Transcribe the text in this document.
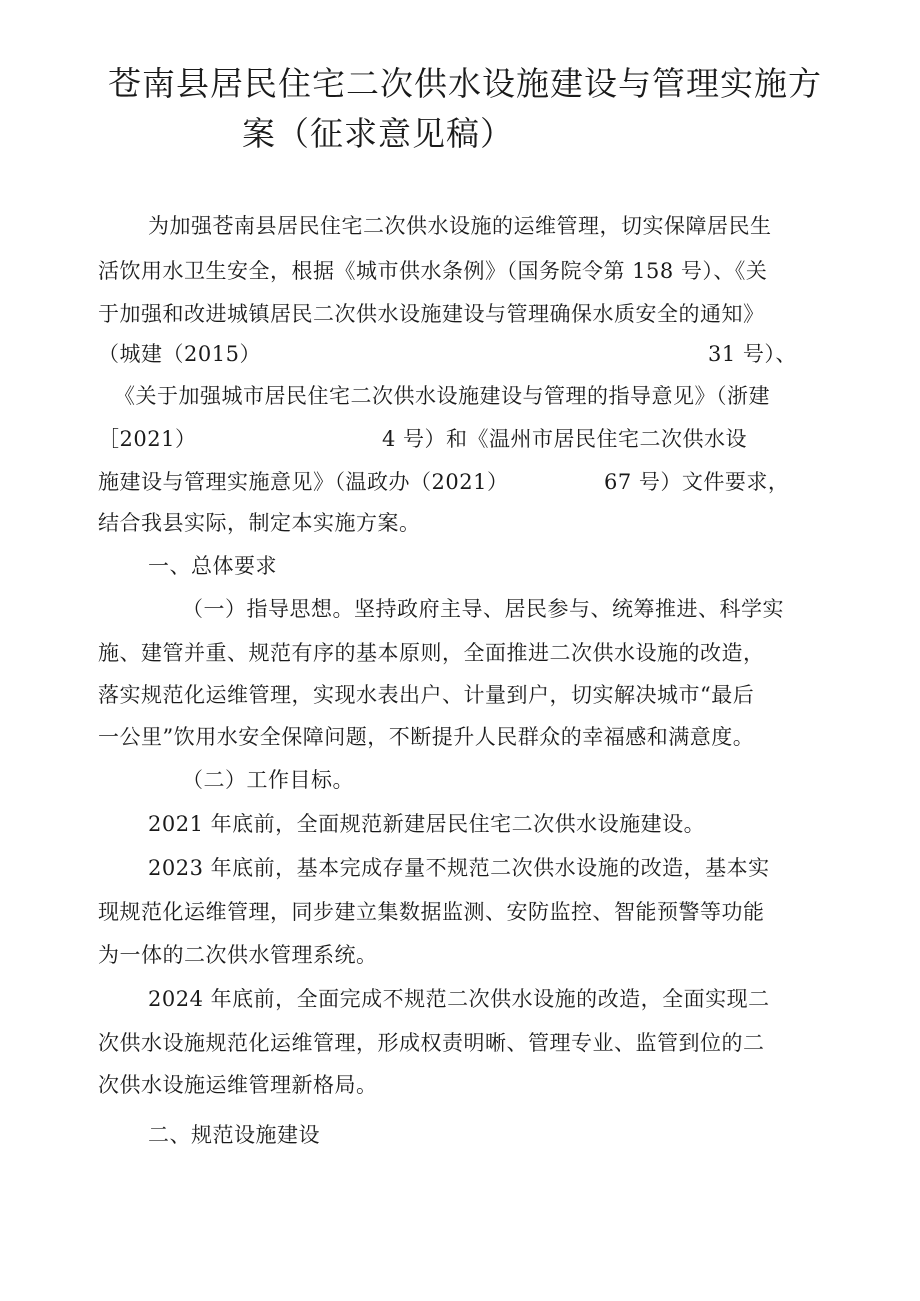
苍南县居民住宅二次供水设施建设与管理实施方
案（征求意见稿）
为加强苍南县居民住宅二次供水设施的运维管理，切实保障居民生
活饮用水卫生安全，根据《城市供水条例》（国务院令第 158 号）、《关
于加强和改进城镇居民二次供水设施建设与管理确保水质安全的通知》
（城建（2015）	31 号）、
《关于加强城市居民住宅二次供水设施建设与管理的指导意见》（浙建
［2021）	4 号）和《温州市居民住宅二次供水设
施建设与管理实施意见》（温政办（2021）	67 号）文件要求，
结合我县实际，制定本实施方案。
一、总体要求
（一）指导思想。坚持政府主导、居民参与、统筹推进、科学实
施、建管并重、规范有序的基本原则，全面推进二次供水设施的改造，
落实规范化运维管理，实现水表出户、计量到户，切实解决城市“最后
一公里”饮用水安全保障问题，不断提升人民群众的幸福感和满意度。
（二）工作目标。
2021 年底前，全面规范新建居民住宅二次供水设施建设。
2023 年底前，基本完成存量不规范二次供水设施的改造，基本实
现规范化运维管理，同步建立集数据监测、安防监控、智能预警等功能
为一体的二次供水管理系统。
2024 年底前，全面完成不规范二次供水设施的改造，全面实现二
次供水设施规范化运维管理，形成权责明晰、管理专业、监管到位的二
次供水设施运维管理新格局。
二、规范设施建设
